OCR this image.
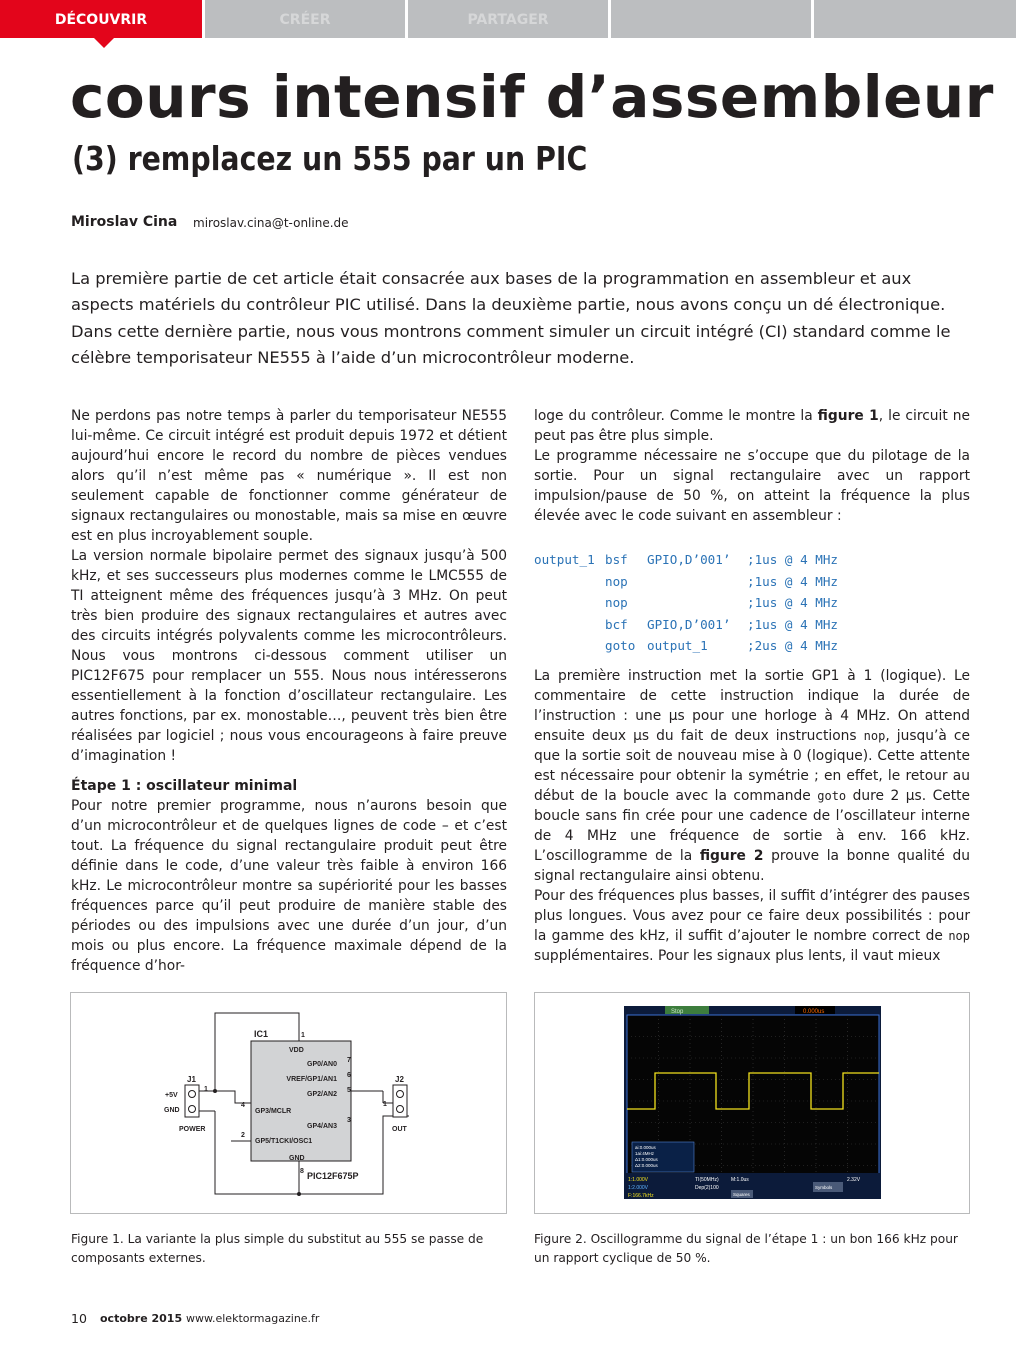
DÉCOUVRIR	CRÉER	PARTAGER
cours intensif d’assembleur
(3) remplacez un 555 par un PIC
Miroslav Cina miroslav.cina@t-online.de
La première partie de cet article était consacrée aux bases de la programmation en assembleur et aux aspects matériels du contrôleur PIC utilisé. Dans la deuxième partie, nous avons conçu un dé électronique. Dans cette dernière partie, nous vous montrons comment simuler un circuit intégré (CI) standard comme le célèbre temporisateur NE555 à l’aide d’un microcontrôleur moderne.

Ne perdons pas notre temps à parler du temporisateur NE555 lui-même. Ce circuit intégré est produit depuis 1972 et détient aujourd’hui encore le record du nombre de pièces vendues alors qu’il n’est même pas « numérique ». Il est non seulement capable de fonctionner comme générateur de signaux rectangulaires ou monostable, mais sa mise en œuvre est en plus incroyablement souple.

La version normale bipolaire permet des signaux jusqu’à 500 kHz, et ses successeurs plus modernes comme le LMC555 de TI atteignent même des fréquences jusqu’à 3 MHz. On peut très bien produire des signaux rectangulaires et autres avec des circuits intégrés polyvalents comme les microcontrôleurs. Nous vous montrons ci-dessous comment utiliser un PIC12F675 pour remplacer un 555. Nous nous intéresserons essentiellement à la fonction d’oscillateur rectangulaire. Les autres fonctions, par ex. monostable…, peuvent très bien être réalisées par logiciel ; nous vous encourageons à faire preuve d’imagination !

Étape 1 : oscillateur minimal

Pour notre premier programme, nous n’aurons besoin que d’un microcontrôleur et de quelques lignes de code – et c’est tout. La fréquence du signal rectangulaire produit peut être définie dans le code, d’une valeur très faible à environ 166 kHz. Le microcontrôleur montre sa supériorité pour les basses fréquences parce qu’il peut produire de manière stable des périodes ou des impulsions avec une durée d’un jour, d’un mois ou plus encore. La fréquence maximale dépend de la fréquence d’hor-

loge du contrôleur. Comme le montre la figure 1, le circuit ne peut pas être plus simple.

Le programme nécessaire ne s’occupe que du pilotage de la sortie. Pour un signal rectangulaire avec un rapport impulsion/pause de 50 %, on atteint la fréquence la plus élevée avec le code suivant en assembleur :

output_1 bsf GPIO,D’001’ ;1us @ 4 MHz
nop	;1us @ 4 MHz
nop	;1us @ 4 MHz
bcf GPIO,D’001’ ;1us @ 4 MHz
goto output_1	;2us @ 4 MHz

La première instruction met la sortie GP1 à 1 (logique). Le commentaire de cette instruction indique la durée de l’instruction : une µs pour une horloge à 4 MHz. On attend ensuite deux µs du fait de deux instructions nop, jusqu’à ce que la sortie soit de nouveau mise à 0 (logique). Cette attente est nécessaire pour obtenir la symétrie ; en effet, le retour au début de la boucle avec la commande goto dure 2 µs. Cette boucle sans fin crée pour une cadence de l’oscillateur interne de 4 MHz une fréquence de sortie à env. 166 kHz. L’oscillogramme de la figure 2 prouve la bonne qualité du signal rectangulaire ainsi obtenu.

Pour des fréquences plus basses, il suffit d’intégrer des pauses plus longues. Vous avez pour ce faire deux possibilités : pour la gamme des kHz, il suffit d’ajouter le nombre correct de nop supplémentaires. Pour les signaux plus lents, il vaut mieux

IC1	1
VDD
GP0/AN0
7
VREF/GP1/AN1
6
GP2/AN2
5
GP3/MCLR
4
GP4/AN3
3
GP5/T1CKI/OSC1
2
GND
8 PIC12F675P
J1
+5V
GND
1
POWER
J2
1
OUT
Stop	0.000us
ai:0.000us
1ai:4MHz
Δ1:0.000us
Δ2:0.000us
1:1.000V	TI(50MHz) M:1.0us	2.32V
1:2.000V	Dep(2)100
Squares
Symbols
F:166.7kHz
Figure 1. La variante la plus simple du substitut au 555 se passe de composants externes.
Figure 2. Oscillogramme du signal de l’étape 1 : un bon 166 kHz pour un rapport cyclique de 50 %.
10 octobre 2015 www.elektormagazine.fr
